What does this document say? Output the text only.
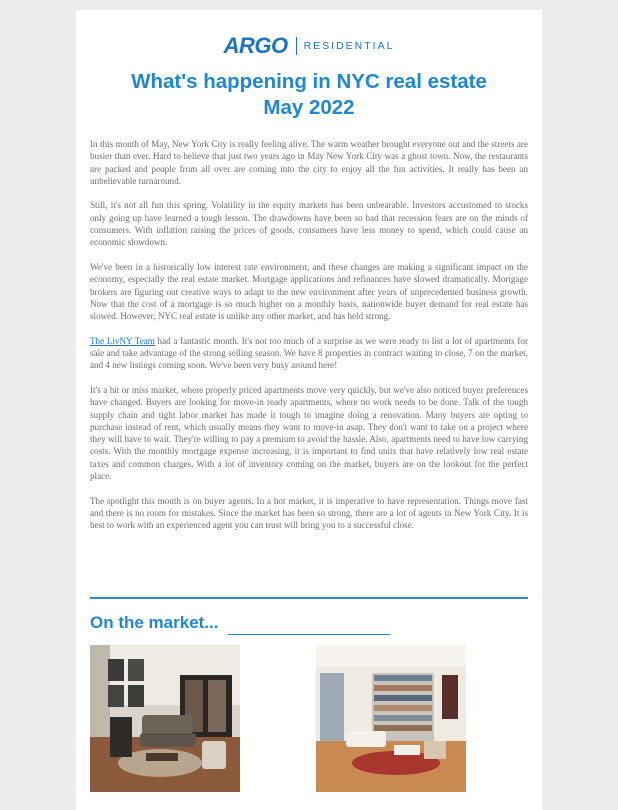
ARGO RESIDENTIAL
What's happening in NYC real estate
May 2022

In this month of May, New York City is really feeling alive. The warm weather brought everyone out and the streets are busier than ever. Hard to believe that just two years ago in May New York City was a ghost town. Now, the restaurants are packed and people from all over are coming into the city to enjoy all the fun activities. It really has been an unbelievable turnaround.

Still, it's not all fun this spring. Volatility in the equity markets has been unbearable. Investors accustomed to stocks only going up have learned a tough lesson. The drawdowns have been so bad that recession fears are on the minds of consumers. With inflation raising the prices of goods, consumers have less money to spend, which could cause an economic slowdown.

We've been in a historically low interest rate environment, and these changes are making a significant impact on the economy, especially the real estate market. Mortgage applications and refinances have slowed dramatically. Mortgage brokers are figuring out creative ways to adapt to the new environment after years of unprecedented business growth. Now that the cost of a mortgage is so much higher on a monthly basis, nationwide buyer demand for real estate has slowed. However, NYC real estate is unlike any other market, and has held strong.

The LivNY Team had a fantastic month. It's not too much of a surprise as we were ready to list a lot of apartments for sale and take advantage of the strong selling season. We have 8 properties in contract waiting to close, 7 on the market, and 4 new listings coming soon. We've been very busy around here!

It's a hit or miss market, where properly priced apartments move very quickly, but we've also noticed buyer preferences have changed. Buyers are looking for move-in ready apartments, where no work needs to be done. Talk of the tough supply chain and tight labor market has made it tough to imagine doing a renovation. Many buyers are opting to purchase instead of rent, which usually means they want to move-in asap. They don't want to take on a project where they will have to wait. They're willing to pay a premium to avoid the hassle. Also, apartments need to have low carrying costs. With the monthly mortgage expense increasing, it is important to find units that have relatively low real estate taxes and common charges. With a lot of inventory coming on the market, buyers are on the lookout for the perfect place.

The spotlight this month is on buyer agents. In a hot market, it is imperative to have representation. Things move fast and there is no room for mistakes. Since the market has been so strong, there are a lot of agents in New York City. It is best to work with an experienced agent you can trust will bring you to a successful close.

On the market...
